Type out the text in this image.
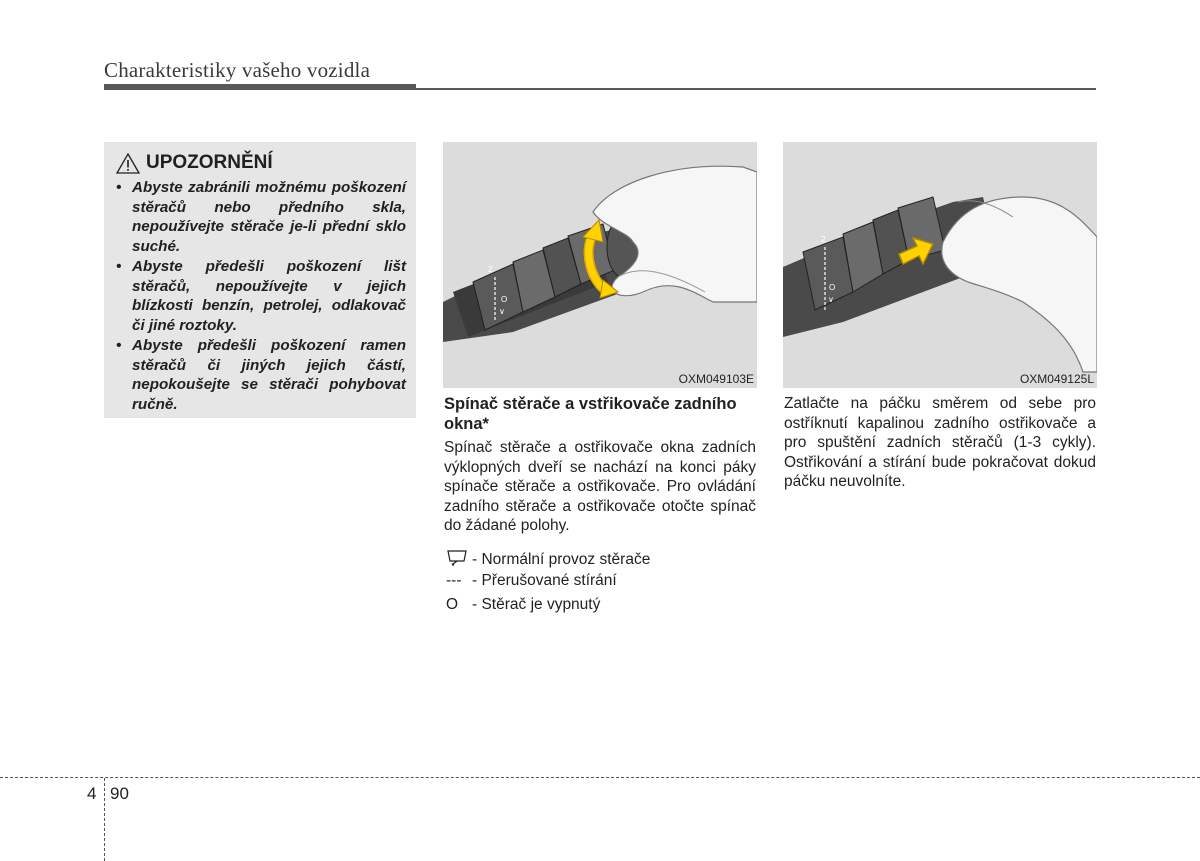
Charakteristiky vašeho vozidla
UPOZORNĚNÍ
• Abyste zabránili možnému poškození stěračů nebo předního skla, nepoužívejte stěrače je-li přední sklo suché.
• Abyste předešli poškození lišt stěračů, nepoužívejte v jejich blízkosti benzín, petrolej, odlakovač či jiné roztoky.
• Abyste předešli poškození ramen stěračů či jiných jejich částí, nepokoušejte se stěrači pohybovat ručně.
2
O
∨
OXM049103E
2
O
∨
OXM049125L
Spínač stěrače a vstřikovače zadního okna*
Spínač stěrače a ostřikovače okna zadních výklopných dveří se nachází na konci páky spínače stěrače a ostřikovače. Pro ovládání zadního stěrače a ostřikovače otočte spínač do žádané polohy.
- Normální provoz stěrače
--- - Přerušované stírání
O - Stěrač je vypnutý
Zatlačte na páčku směrem od sebe pro ostříknutí kapalinou zadního ostřikovače a pro spuštění zadních stěračů (1-3 cykly). Ostřikování a stírání bude pokračovat dokud páčku neuvolníte.
4 90
